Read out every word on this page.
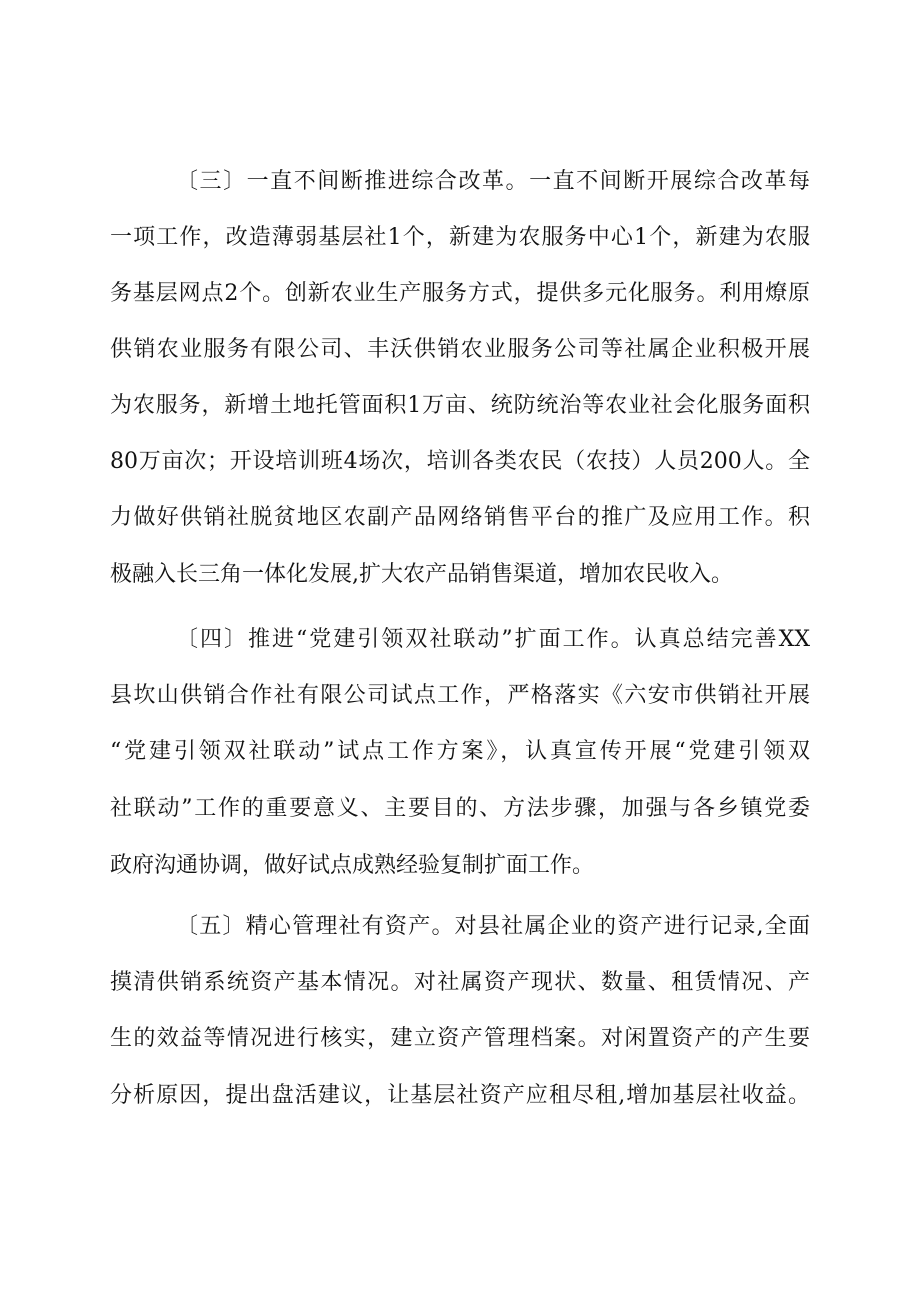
〔三〕一直不间断推进综合改革。一直不间断开展综合改革每
一项工作，改造薄弱基层社1个，新建为农服务中心1个，新建为农服
务基层网点2个。创新农业生产服务方式，提供多元化服务。利用燎原
供销农业服务有限公司、丰沃供销农业服务公司等社属企业积极开展
为农服务，新增土地托管面积1万亩、统防统治等农业社会化服务面积
80万亩次；开设培训班4场次，培训各类农民（农技）人员200人。全
力做好供销社脱贫地区农副产品网络销售平台的推广及应用工作。积
极融入长三角一体化发展,扩大农产品销售渠道，增加农民收入。
〔四〕推进“党建引领双社联动”扩面工作。认真总结完善XX
县坎山供销合作社有限公司试点工作，严格落实《六安市供销社开展
“党建引领双社联动”试点工作方案》，认真宣传开展“党建引领双
社联动”工作的重要意义、主要目的、方法步骤，加强与各乡镇党委
政府沟通协调，做好试点成熟经验复制扩面工作。
〔五〕精心管理社有资产。对县社属企业的资产进行记录,全面
摸清供销系统资产基本情况。对社属资产现状、数量、租赁情况、产
生的效益等情况进行核实，建立资产管理档案。对闲置资产的产生要
分析原因，提出盘活建议，让基层社资产应租尽租,增加基层社收益。
